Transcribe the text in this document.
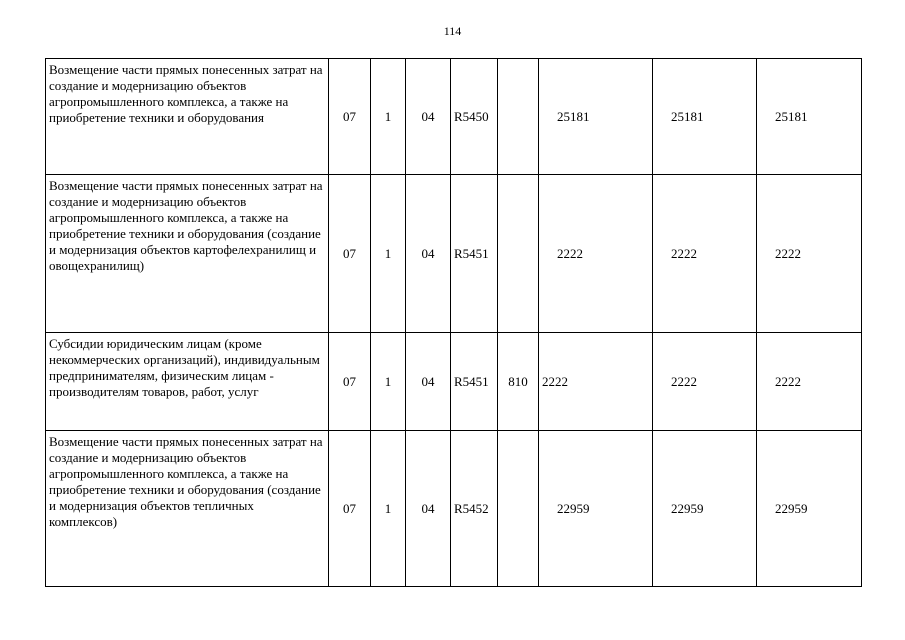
114
Возмещение части прямых понесенных затрат на создание и модернизацию объектов агропромышленного комплекса, а также на приобретение техники и оборудования	07	1	04	R5450		25181	25181	25181
Возмещение части прямых понесенных затрат на создание и модернизацию объектов агропромышленного комплекса, а также на приобретение техники и оборудования (создание и модернизация объектов картофелехранилищ и овощехранилищ)	07	1	04	R5451		2222	2222	2222
Субсидии юридическим лицам (кроме некоммерческих организаций), индивидуальным предпринимателям, физическим лицам - производителям товаров, работ, услуг	07	1	04	R5451	810	2222	2222	2222
Возмещение части прямых понесенных затрат на создание и модернизацию объектов агропромышленного комплекса, а также на приобретение техники и оборудования (создание и модернизация объектов тепличных комплексов)	07	1	04	R5452		22959	22959	22959
